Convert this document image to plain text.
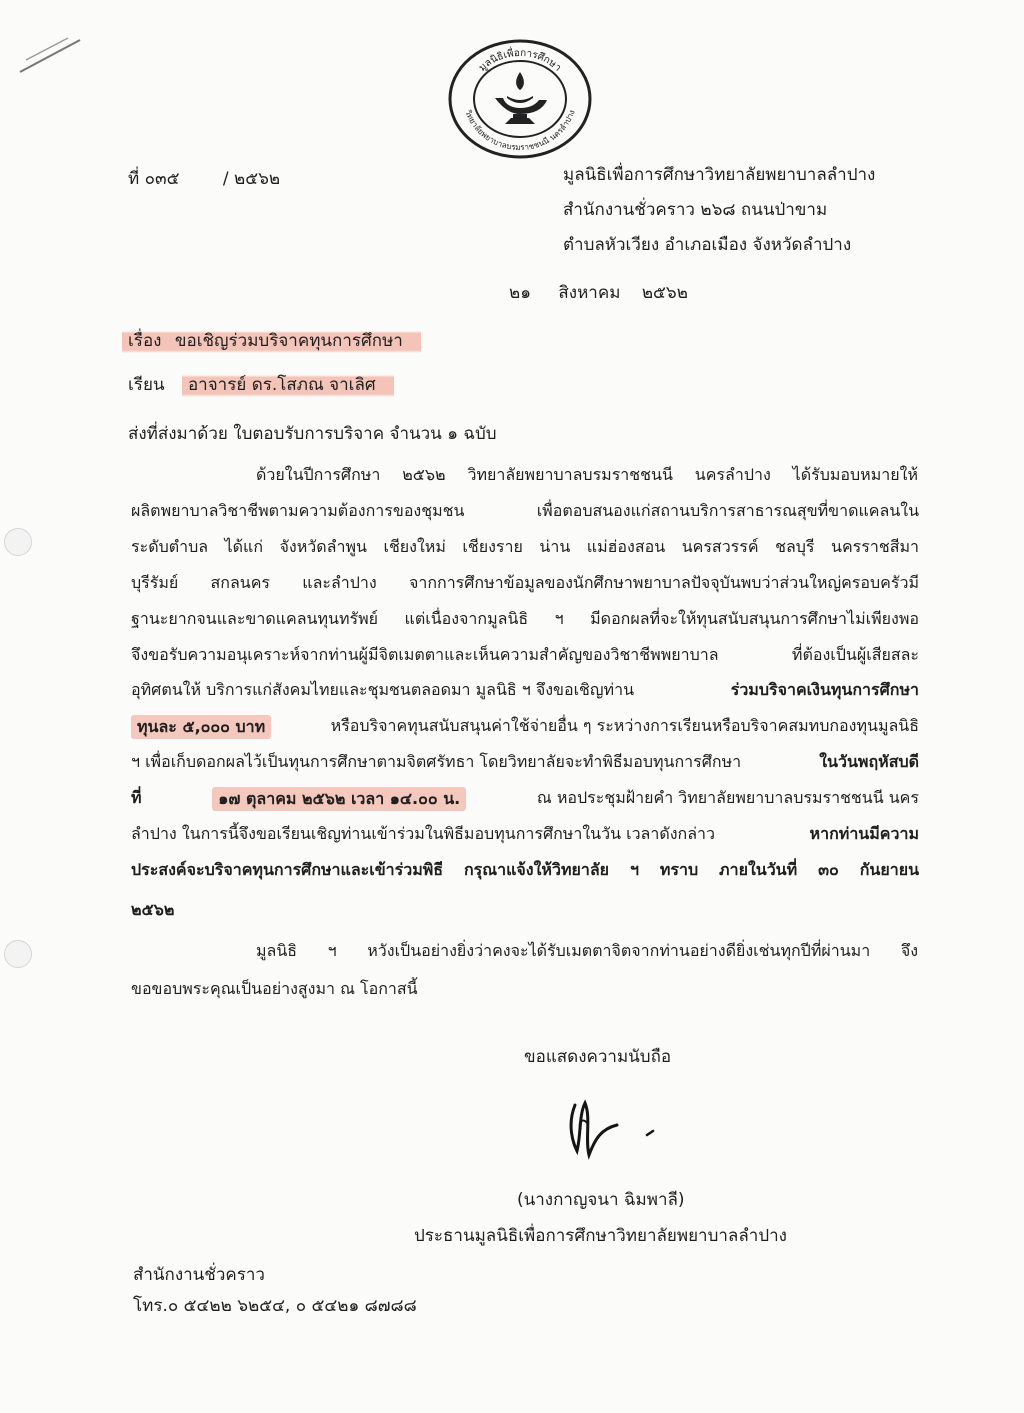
มูลนิธิเพื่อการศึกษา
วิทยาลัยพยาบาลบรมราชชนนี นครลำปาง
ที่ ๐๓๕	/ ๒๕๖๒	มูลนิธิเพื่อการศึกษาวิทยาลัยพยาบาลลำปาง
สำนักงานชั่วคราว ๒๖๘ ถนนป่าขาม
ตำบลหัวเวียง อำเภอเมือง จังหวัดลำปาง
๒๑ สิงหาคม ๒๕๖๒
เรื่อง ขอเชิญร่วมบริจาคทุนการศึกษา
เรียน อาจารย์ ดร.โสภณ จาเลิศ
ส่งที่ส่งมาด้วย ใบตอบรับการบริจาค จำนวน ๑ ฉบับ
ด้วยในปีการศึกษา ๒๕๖๒ วิทยาลัยพยาบาลบรมราชชนนี นครลำปาง ได้รับมอบหมายให้
ผลิตพยาบาลวิชาชีพตามความต้องการของชุมชน เพื่อตอบสนองแก่สถานบริการสาธารณสุขที่ขาดแคลนใน
ระดับตำบล ได้แก่ จังหวัดลำพูน เชียงใหม่ เชียงราย น่าน แม่ฮ่องสอน นครสวรรค์ ชลบุรี นครราชสีมา
บุรีรัมย์ สกลนคร และลำปาง จากการศึกษาข้อมูลของนักศึกษาพยาบาลปัจจุบันพบว่าส่วนใหญ่ครอบครัวมี
ฐานะยากจนและขาดแคลนทุนทรัพย์ แต่เนื่องจากมูลนิธิ ฯ มีดอกผลที่จะให้ทุนสนับสนุนการศึกษาไม่เพียงพอ
จึงขอรับความอนุเคราะห์จากท่านผู้มีจิตเมตตาและเห็นความสำคัญของวิชาชีพพยาบาล ที่ต้องเป็นผู้เสียสละ
อุทิศตนให้ บริการแก่สังคมไทยและชุมชนตลอดมา มูลนิธิ ฯ จึงขอเชิญท่าน	ร่วมบริจาคเงินทุนการศึกษา
ทุนละ ๕,๐๐๐ บาท	หรือบริจาคทุนสนับสนุนค่าใช้จ่ายอื่น ๆ ระหว่างการเรียนหรือบริจาคสมทบกองทุนมูลนิธิ
ฯ เพื่อเก็บดอกผลไว้เป็นทุนการศึกษาตามจิตศรัทธา โดยวิทยาลัยจะทำพิธีมอบทุนการศึกษา	ในวันพฤหัสบดี
ที่	๑๗ ตุลาคม ๒๕๖๒ เวลา ๑๔.๐๐ น.	ณ หอประชุมฝ้ายคำ วิทยาลัยพยาบาลบรมราชชนนี นคร
ลำปาง ในการนี้จึงขอเรียนเชิญท่านเข้าร่วมในพิธีมอบทุนการศึกษาในวัน เวลาดังกล่าว	หากท่านมีความ
ประสงค์จะบริจาคทุนการศึกษาและเข้าร่วมพิธี กรุณาแจ้งให้วิทยาลัย ฯ ทราบ ภายในวันที่ ๓๐ กันยายน
๒๕๖๒
มูลนิธิ ฯ หวังเป็นอย่างยิ่งว่าคงจะได้รับเมตตาจิตจากท่านอย่างดียิ่งเช่นทุกปีที่ผ่านมา จึง
ขอขอบพระคุณเป็นอย่างสูงมา ณ โอกาสนี้
ขอแสดงความนับถือ
(นางกาญจนา ฉิมพาลี)
ประธานมูลนิธิเพื่อการศึกษาวิทยาลัยพยาบาลลำปาง
สำนักงานชั่วคราว
โทร.๐ ๕๔๒๒ ๖๒๕๔, ๐ ๕๔๒๑ ๘๗๘๘
